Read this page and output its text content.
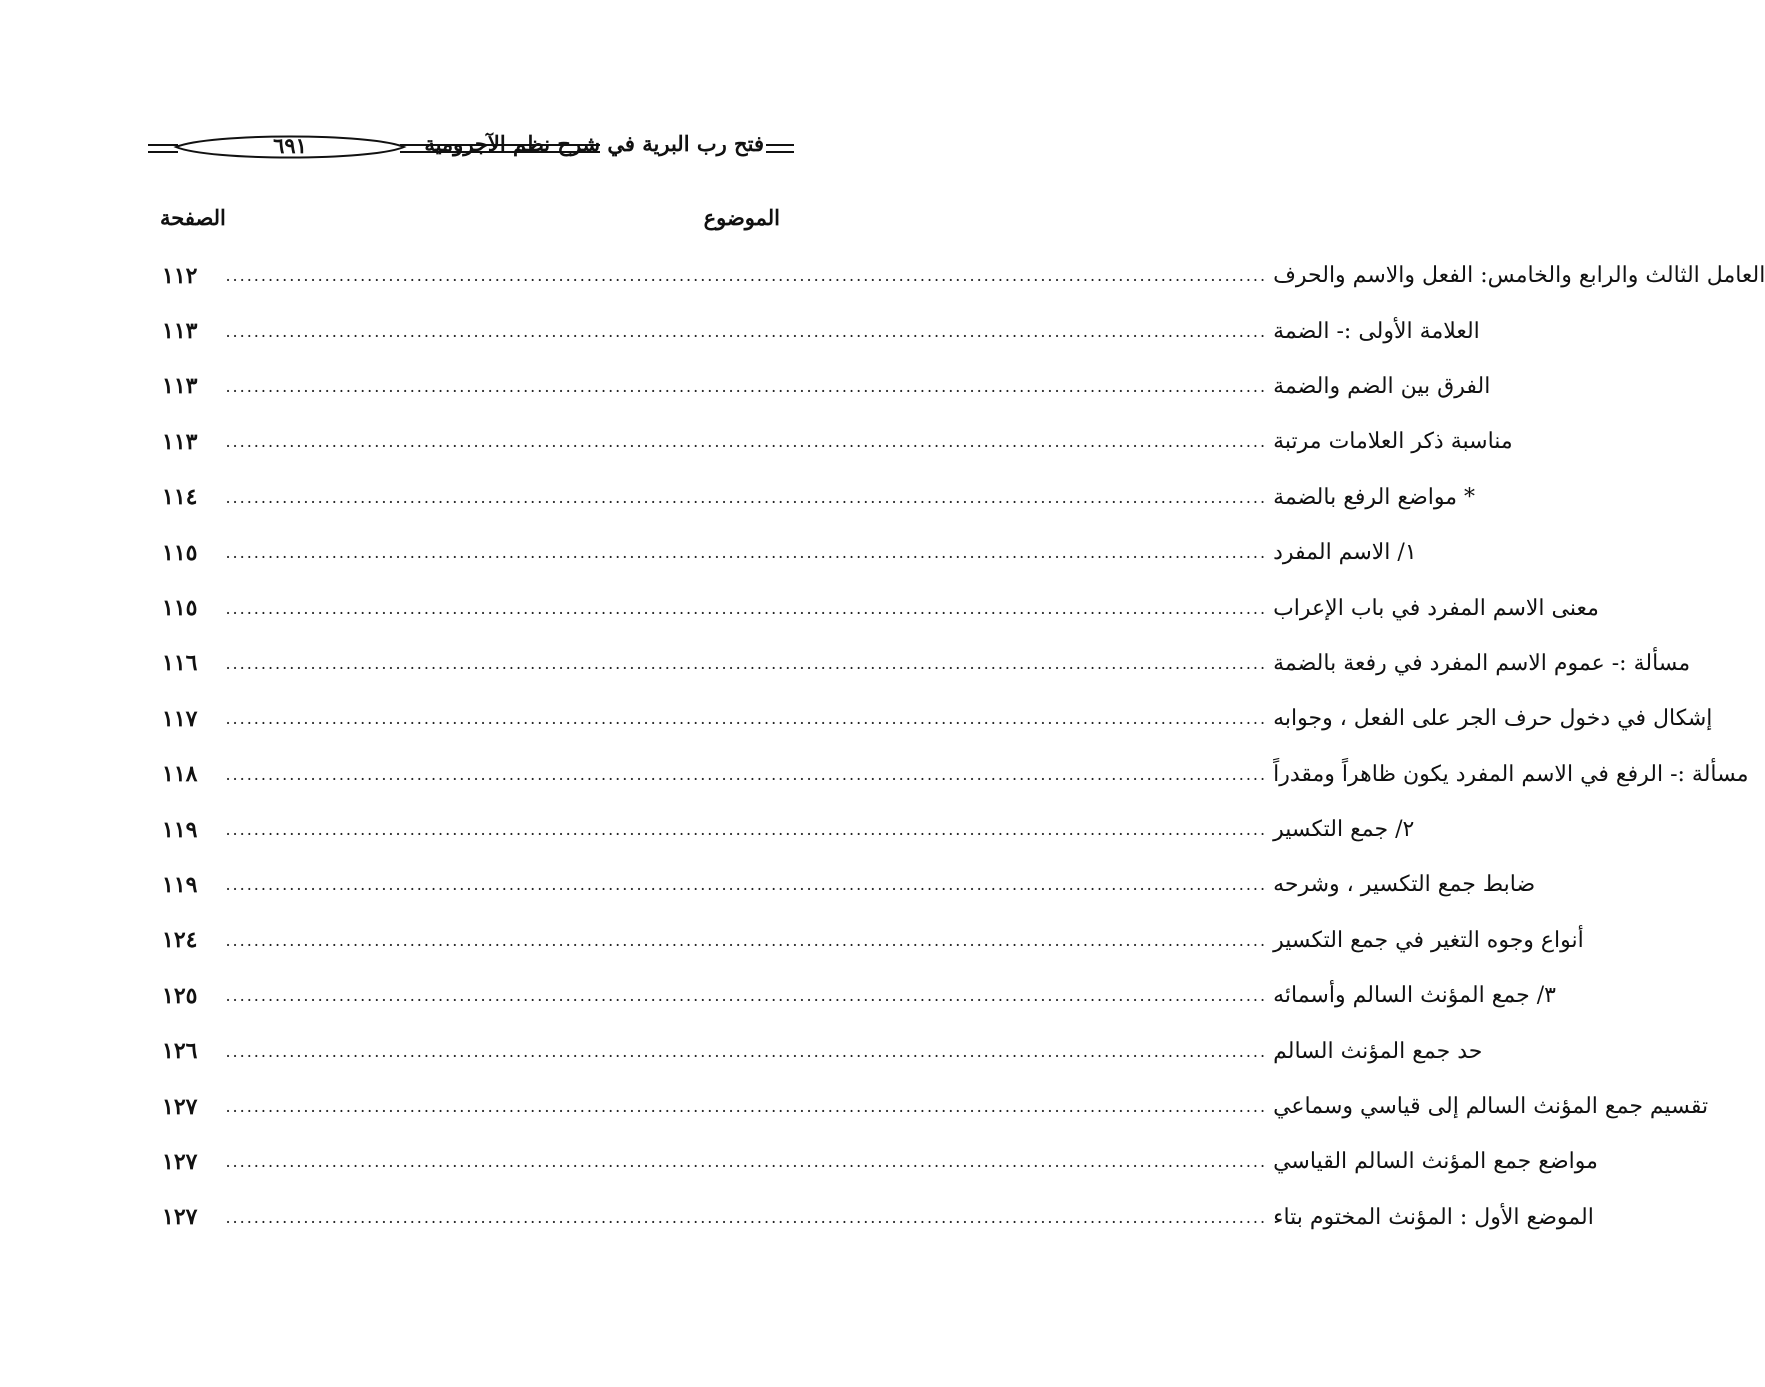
٦٩١	فتح رب البرية في شرح نظم الآجرومية
الموضوع
الصفحة
١١٢	العامل الثالث والرابع والخامس: الفعل والاسم والحرف
...................................................................................................................................................
١١٣	العلامة الأولى :- الضمة
...................................................................................................................................................
١١٣	الفرق بين الضم والضمة
...................................................................................................................................................
١١٣	مناسبة ذكر العلامات مرتبة
...................................................................................................................................................
١١٤	* مواضع الرفع بالضمة
...................................................................................................................................................
١١٥	١/ الاسم المفرد
...................................................................................................................................................
١١٥	معنى الاسم المفرد في باب الإعراب
...................................................................................................................................................
١١٦	مسألة :- عموم الاسم المفرد في رفعة بالضمة
...................................................................................................................................................
١١٧	إشكال في دخول حرف الجر على الفعل ، وجوابه
...................................................................................................................................................
١١٨	مسألة :- الرفع في الاسم المفرد يكون ظاهراً ومقدراً
...................................................................................................................................................
١١٩	٢/ جمع التكسير
...................................................................................................................................................
١١٩	ضابط جمع التكسير ، وشرحه
...................................................................................................................................................
١٢٤	أنواع وجوه التغير في جمع التكسير
...................................................................................................................................................
١٢٥	٣/ جمع المؤنث السالم وأسمائه
...................................................................................................................................................
١٢٦	حد جمع المؤنث السالم
...................................................................................................................................................
١٢٧	تقسيم جمع المؤنث السالم إلى قياسي وسماعي
...................................................................................................................................................
١٢٧	مواضع جمع المؤنث السالم القياسي
...................................................................................................................................................
١٢٧	الموضع الأول : المؤنث المختوم بتاء
...................................................................................................................................................
